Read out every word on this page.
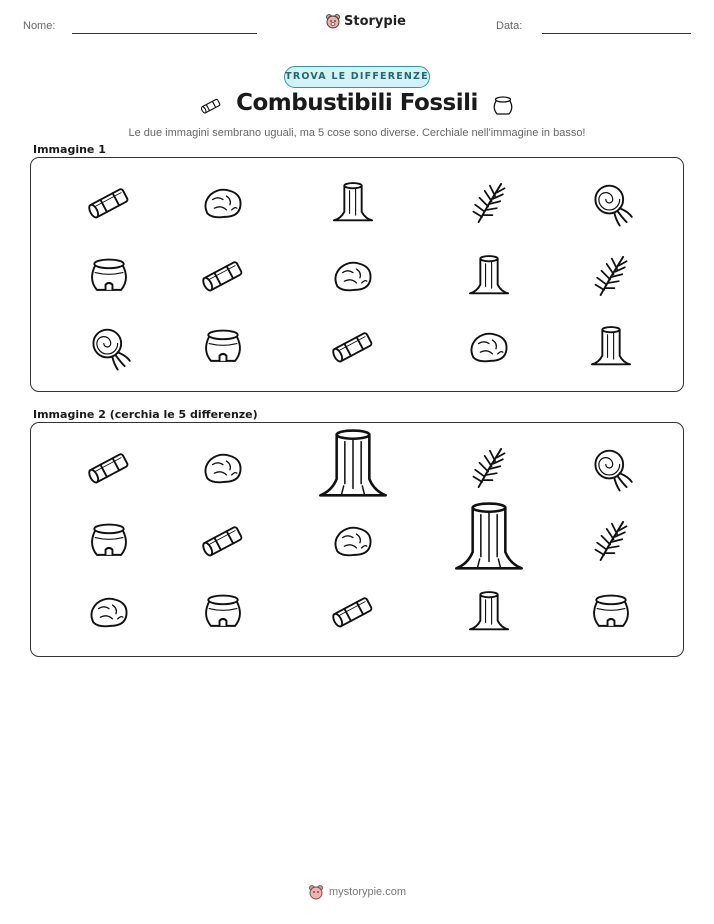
Nome:	Storypie	Data:
TROVA LE DIFFERENZE
Combustibili Fossili
Le due immagini sembrano uguali, ma 5 cose sono diverse. Cerchiale nell'immagine in basso!
Immagine 1
Immagine 2 (cerchia le 5 differenze)
mystorypie.com
